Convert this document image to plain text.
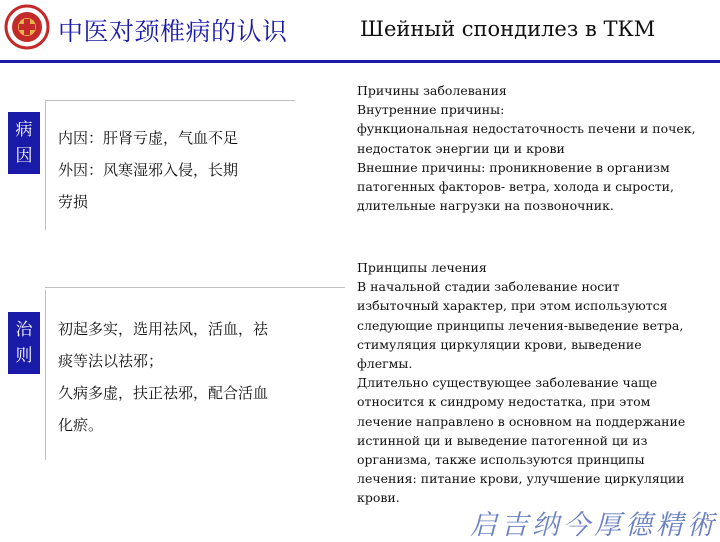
中医对颈椎病的认识	Шейный спондилез в ТКМ
病
因
内因：肝肾亏虚，气血不足
外因：风寒湿邪入侵，长期
劳损
治
则
初起多实，选用祛风，活血，祛
痰等法以祛邪；
久病多虚，扶正祛邪，配合活血
化瘀。
Причины заболевания
Внутренние причины:
функциональная недостаточность печени и почек,
недостаток энергии ци и крови
Внешние причины: проникновение в организм
патогенных факторов- ветра, холода и сырости,
длительные нагрузки на позвоночник.
Принципы лечения
В начальной стадии заболевание носит
избыточный характер, при этом используются
следующие принципы лечения-выведение ветра,
стимуляция циркуляции крови, выведение
флегмы.
Длительно существующее заболевание чаще
относится к синдрому недостатка, при этом
лечение направлено в основном на поддержание
истинной ци и выведение патогенной ци из
организма, также используются принципы
лечения: питание крови, улучшение циркуляции
крови.
启吉纳今厚德精術
